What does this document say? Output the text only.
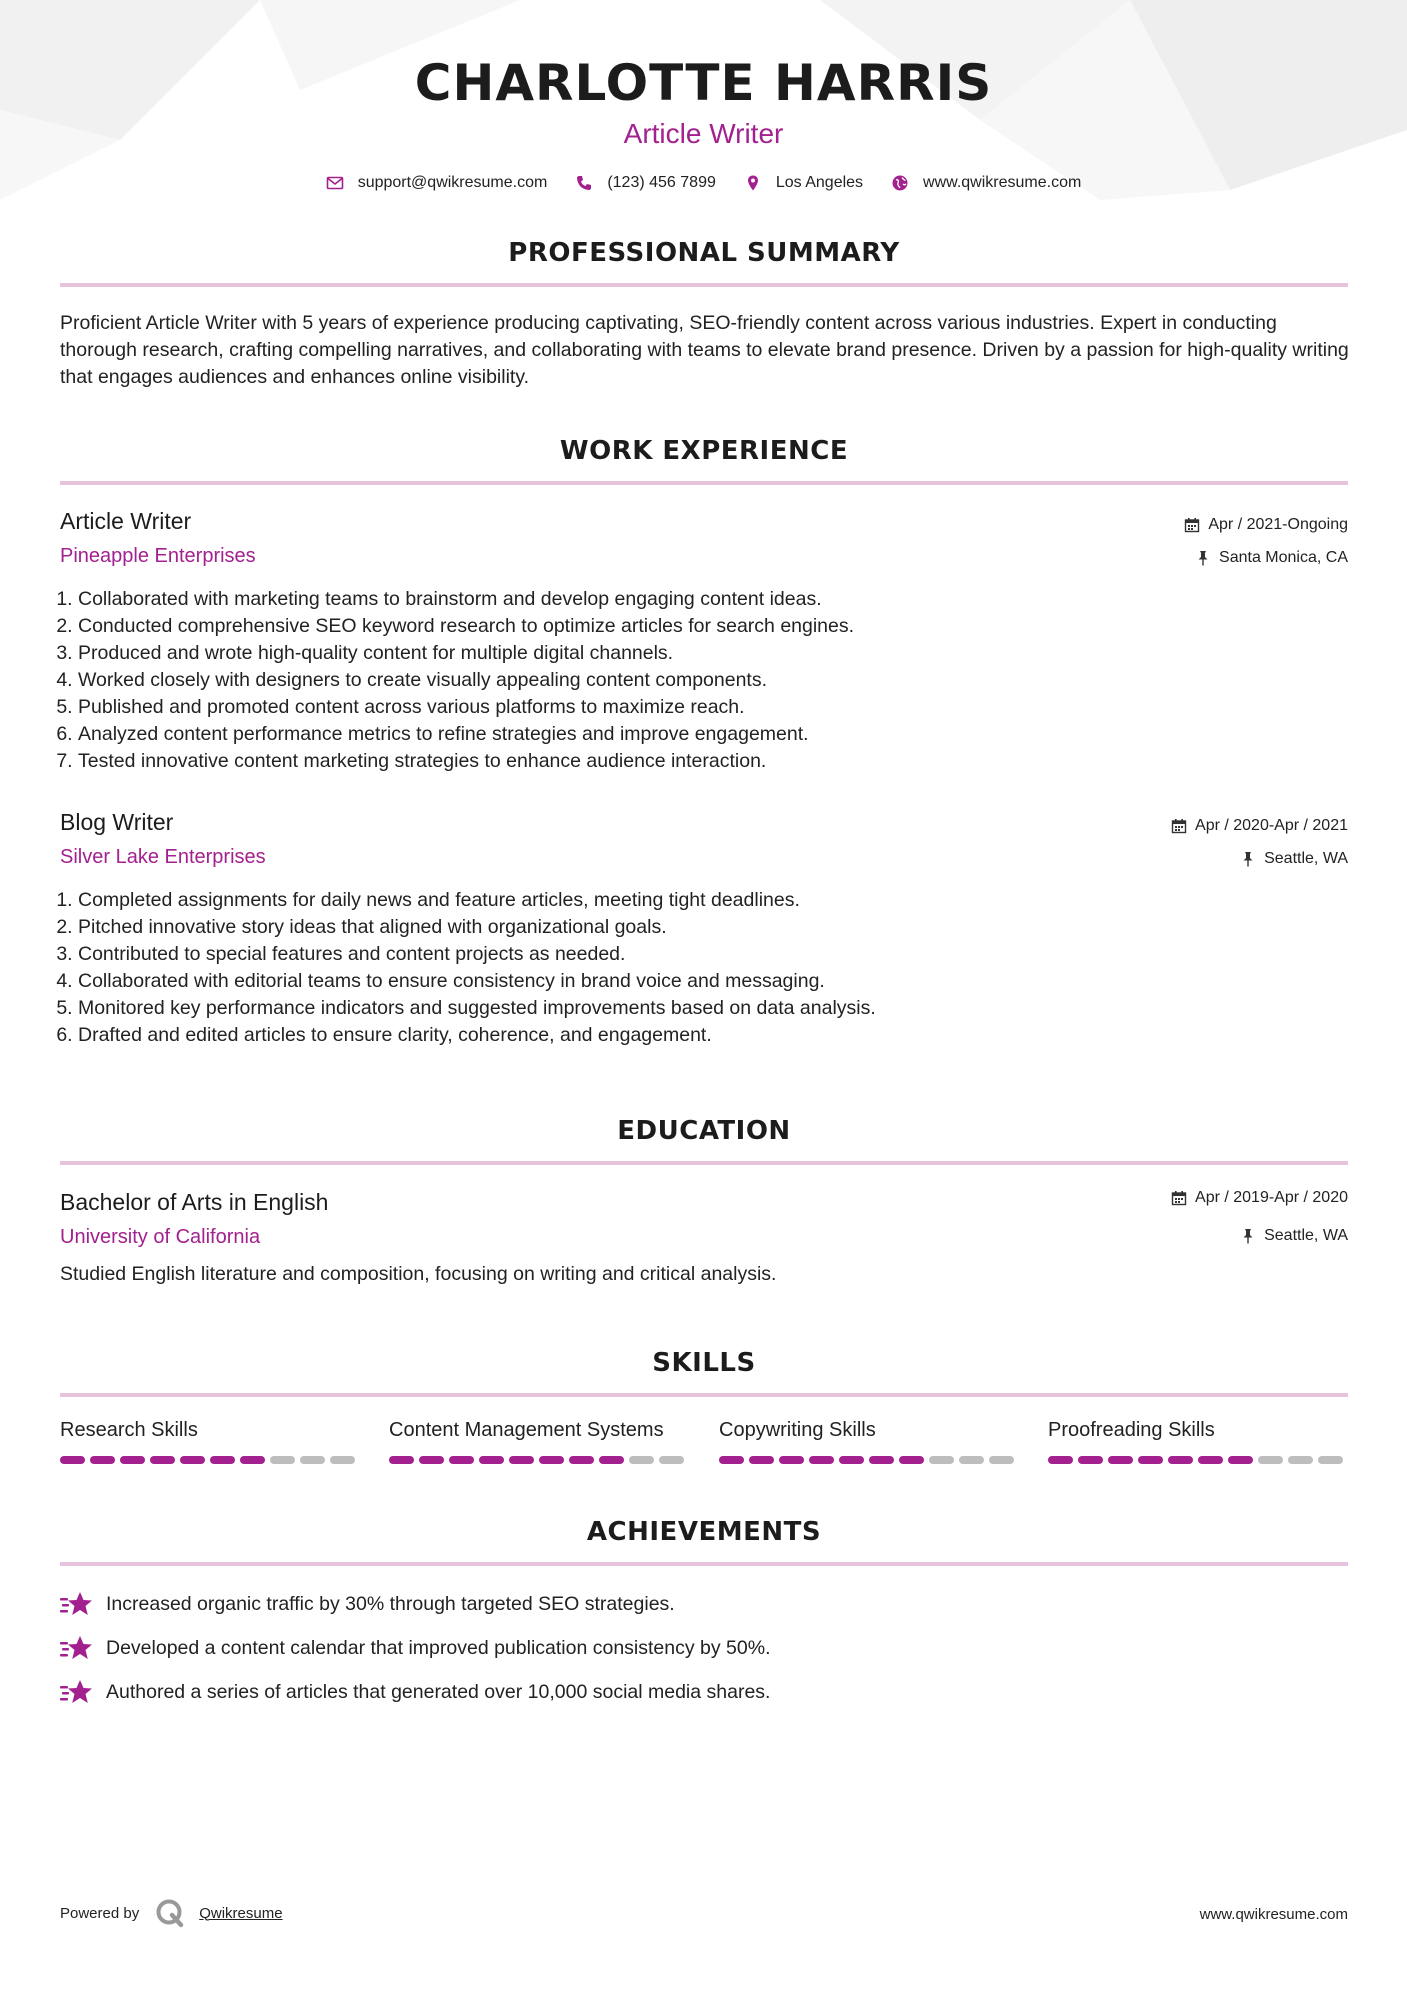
CHARLOTTE HARRIS
Article Writer
support@qwikresume.com	(123) 456 7899	Los Angeles	www.qwikresume.com
PROFESSIONAL SUMMARY
Proficient Article Writer with 5 years of experience producing captivating, SEO-friendly content across various industries. Expert in conducting thorough research, crafting compelling narratives, and collaborating with teams to elevate brand presence. Driven by a passion for high-quality writing that engages audiences and enhances online visibility.
WORK EXPERIENCE
Article Writer
Pineapple Enterprises
Apr / 2021-Ongoing
Santa Monica, CA
1. Collaborated with marketing teams to brainstorm and develop engaging content ideas.
2. Conducted comprehensive SEO keyword research to optimize articles for search engines.
3. Produced and wrote high-quality content for multiple digital channels.
4. Worked closely with designers to create visually appealing content components.
5. Published and promoted content across various platforms to maximize reach.
6. Analyzed content performance metrics to refine strategies and improve engagement.
7. Tested innovative content marketing strategies to enhance audience interaction.
Blog Writer
Silver Lake Enterprises
Apr / 2020-Apr / 2021
Seattle, WA
1. Completed assignments for daily news and feature articles, meeting tight deadlines.
2. Pitched innovative story ideas that aligned with organizational goals.
3. Contributed to special features and content projects as needed.
4. Collaborated with editorial teams to ensure consistency in brand voice and messaging.
5. Monitored key performance indicators and suggested improvements based on data analysis.
6. Drafted and edited articles to ensure clarity, coherence, and engagement.
EDUCATION
Bachelor of Arts in English
University of California
Apr / 2019-Apr / 2020
Seattle, WA
Studied English literature and composition, focusing on writing and critical analysis.
SKILLS
Research Skills	Content Management Systems	Copywriting Skills	Proofreading Skills
ACHIEVEMENTS
Increased organic traffic by 30% through targeted SEO strategies.
Developed a content calendar that improved publication consistency by 50%.
Authored a series of articles that generated over 10,000 social media shares.
Powered by	Qwikresume	www.qwikresume.com
